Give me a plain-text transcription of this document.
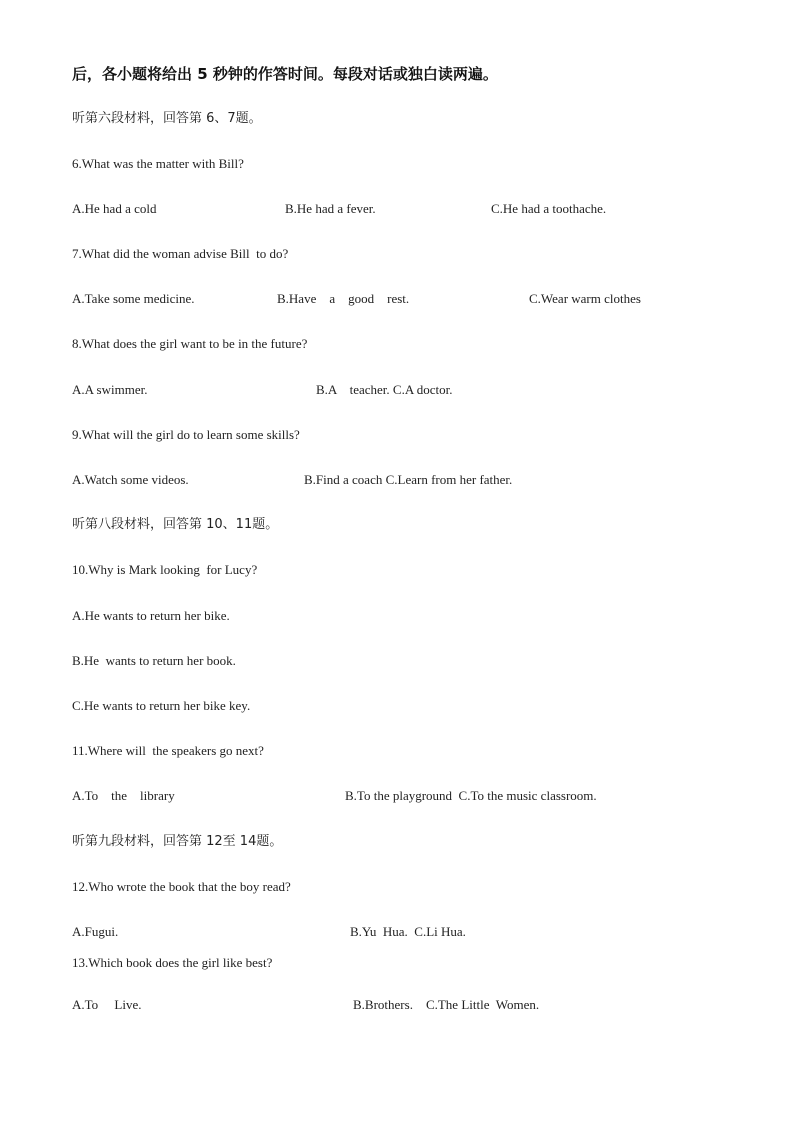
后，各小题将给出 5 秒钟的作答时间。每段对话或独白读两遍。
听第六段材料，回答第 6、7题。
6.What was the matter with Bill?
A.He had a cold	B.He had a fever.	C.He had a toothache.
7.What did the woman advise Bill  to do?
A.Take some medicine.	B.Have    a    good    rest.	C.Wear warm clothes
8.What does the girl want to be in the future?
A.A swimmer.	B.A    teacher. C.A doctor.
9.What will the girl do to learn some skills?
A.Watch some videos.	B.Find a coach C.Learn from her father.
听第八段材料，回答第 10、11题。
10.Why is Mark looking  for Lucy?
A.He wants to return her bike.
B.He  wants to return her book.
C.He wants to return her bike key.
11.Where will  the speakers go next?
A.To    the    library	B.To the playground  C.To the music classroom.
听第九段材料，回答第 12至 14题。
12.Who wrote the book that the boy read?
A.Fugui.	B.Yu  Hua.  C.Li Hua.
13.Which book does the girl like best?
A.To     Live.	B.Brothers.    C.The Little  Women.
